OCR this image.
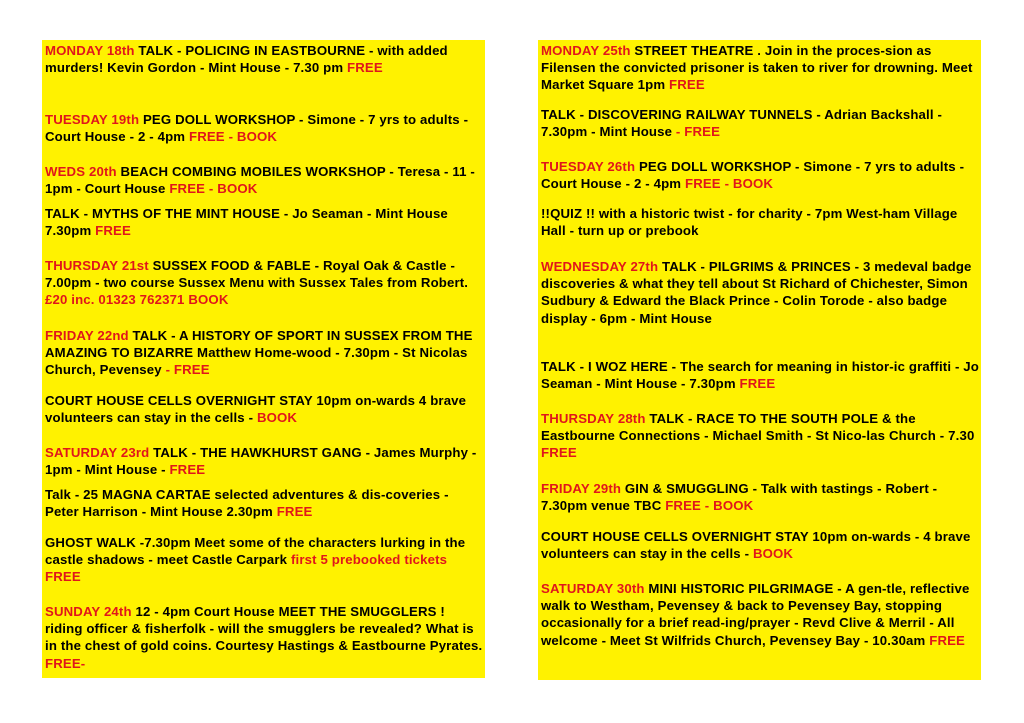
MONDAY 18th TALK - POLICING IN EASTBOURNE - with added murders! Kevin Gordon - Mint House - 7.30 pm FREE
TUESDAY 19th PEG DOLL WORKSHOP - Simone - 7 yrs to adults - Court House - 2 - 4pm FREE - BOOK
WEDS 20th BEACH COMBING MOBILES WORKSHOP - Teresa - 11 - 1pm - Court House FREE - BOOK
TALK - MYTHS OF THE MINT HOUSE - Jo Seaman - Mint House 7.30pm FREE
THURSDAY 21st SUSSEX FOOD & FABLE - Royal Oak & Castle - 7.00pm - two course Sussex Menu with Sussex Tales from Robert. £20 inc. 01323 762371 BOOK
FRIDAY 22nd TALK - A HISTORY OF SPORT IN SUSSEX FROM THE AMAZING TO BIZARRE Matthew Home-wood - 7.30pm - St Nicolas Church, Pevensey - FREE
COURT HOUSE CELLS OVERNIGHT STAY 10pm on-wards 4 brave volunteers can stay in the cells - BOOK
SATURDAY 23rd TALK - THE HAWKHURST GANG - James Murphy - 1pm - Mint House - FREE
Talk - 25 MAGNA CARTAE selected adventures & dis-coveries - Peter Harrison - Mint House 2.30pm FREE
GHOST WALK -7.30pm Meet some of the characters lurking in the castle shadows - meet Castle Carpark first 5 prebooked tickets FREE
SUNDAY 24th 12 - 4pm Court House MEET THE SMUGGLERS ! riding officer & fisherfolk - will the smugglers be revealed? What is in the chest of gold coins. Courtesy Hastings & Eastbourne Pyrates. FREE-
MONDAY 25th STREET THEATRE . Join in the proces-sion as Filensen the convicted prisoner is taken to river for drowning. Meet Market Square 1pm FREE
TALK - DISCOVERING RAILWAY TUNNELS - Adrian Backshall - 7.30pm - Mint House - FREE
TUESDAY 26th PEG DOLL WORKSHOP - Simone - 7 yrs to adults - Court House - 2 - 4pm FREE - BOOK
!!QUIZ !! with a historic twist - for charity - 7pm West-ham Village Hall - turn up or prebook
WEDNESDAY 27th TALK - PILGRIMS & PRINCES - 3 medeval badge discoveries & what they tell about St Richard of Chichester, Simon Sudbury & Edward the Black Prince - Colin Torode - also badge display - 6pm - Mint House
TALK - I WOZ HERE - The search for meaning in histor-ic graffiti - Jo Seaman - Mint House - 7.30pm FREE
THURSDAY 28th TALK - RACE TO THE SOUTH POLE & the Eastbourne Connections - Michael Smith - St Nico-las Church - 7.30 FREE
FRIDAY 29th GIN & SMUGGLING - Talk with tastings - Robert - 7.30pm venue TBC FREE - BOOK
COURT HOUSE CELLS OVERNIGHT STAY 10pm on-wards - 4 brave volunteers can stay in the cells - BOOK
SATURDAY 30th MINI HISTORIC PILGRIMAGE - A gen-tle, reflective walk to Westham, Pevensey & back to Pevensey Bay, stopping occasionally for a brief read-ing/prayer - Revd Clive & Merril - All welcome - Meet St Wilfrids Church, Pevensey Bay - 10.30am FREE
